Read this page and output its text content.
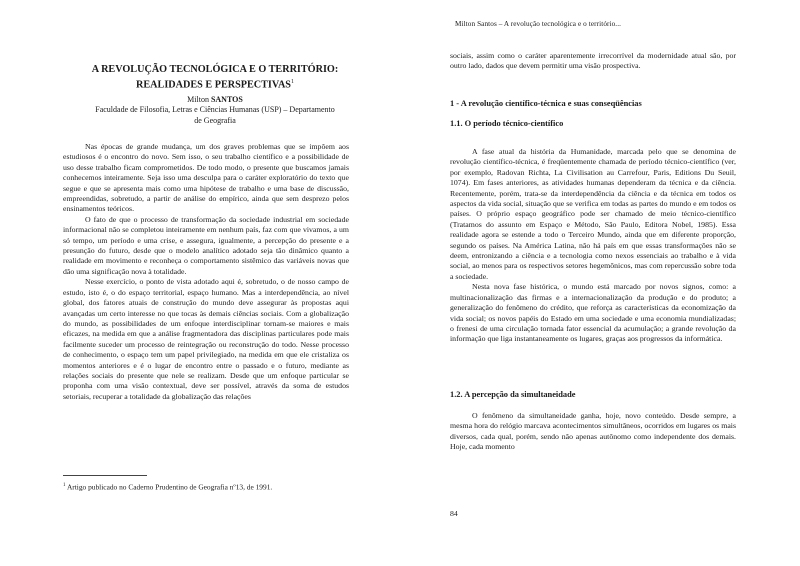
A REVOLUÇÃO TECNOLÓGICA E O TERRITÓRIO:
REALIDADES E PERSPECTIVAS$^1$
Milton SANTOS
Faculdade de Filosofia, Letras e Ciências Humanas (USP) – Departamento
de Geografia

Nas épocas de grande mudança, um dos graves problemas que se impõem aos estudiosos é o encontro do novo. Sem isso, o seu trabalho científico e a possibilidade de uso desse trabalho ficam comprometidos. De todo modo, o presente que buscamos jamais conhecemos inteiramente. Seja isso uma desculpa para o caráter exploratório do texto que segue e que se apresenta mais como uma hipótese de trabalho e uma base de discussão, empreendidas, sobretudo, a partir de análise do empírico, ainda que sem desprezo pelos ensinamentos teóricos.

O fato de que o processo de transformação da sociedade industrial em sociedade informacional não se completou inteiramente em nenhum país, faz com que vivamos, a um só tempo, um período e uma crise, e assegura, igualmente, a percepção do presente e a presunção do futuro, desde que o modelo analítico adotado seja tão dinâmico quanto a realidade em movimento e reconheça o comportamento sistêmico das variáveis novas que dão uma significação nova à totalidade.

Nesse exercício, o ponto de vista adotado aqui é, sobretudo, o de nosso campo de estudo, isto é, o do espaço territorial, espaço humano. Mas a interdependência, ao nível global, dos fatores atuais de construção do mundo deve assegurar às propostas aqui avançadas um certo interesse no que tocas às demais ciências sociais. Com a globalização do mundo, as possibilidades de um enfoque interdisciplinar tornam-se maiores e mais eficazes, na medida em que a análise fragmentadora das disciplinas particulares pode mais facilmente suceder um processo de reintegração ou reconstrução do todo. Nesse processo de conhecimento, o espaço tem um papel privilegiado, na medida em que ele cristaliza os momentos anteriores e é o lugar de encontro entre o passado e o futuro, mediante as relações sociais do presente que nele se realizam. Desde que um enfoque particular se proponha com uma visão contextual, deve ser possível, através da soma de estudos setoriais, recuperar a totalidade da globalização das relações

$^1$ Artigo publicado no Caderno Prudentino de Geografia nº13, de 1991.
Milton Santos – A revolução tecnológica e o território...

sociais, assim como o caráter aparentemente irrecorrível da modernidade atual são, por outro lado, dados que devem permitir uma visão prospectiva.

1 - A revolução científico-técnica e suas conseqüências
1.1. O período técnico-científico

A fase atual da história da Humanidade, marcada pelo que se denomina de revolução científico-técnica, é freqüentemente chamada de período técnico-científico (ver, por exemplo, Radovan Richta, La Civilisation au Carrefour, Paris, Editions Du Seuil, 1074). Em fases anteriores, as atividades humanas dependeram da técnica e da ciência. Recentemente, porém, trata-se da interdependência da ciência e da técnica em todos os aspectos da vida social, situação que se verifica em todas as partes do mundo e em todos os países. O próprio espaço geográfico pode ser chamado de meio técnico-científico (Tratamos do assunto em Espaço e Método, São Paulo, Editora Nobel, 1985). Essa realidade agora se estende a todo o Terceiro Mundo, ainda que em diferente proporção, segundo os países. Na América Latina, não há país em que essas transformações não se deem, entronizando a ciência e a tecnologia como nexos essenciais ao trabalho e à vida social, ao menos para os respectivos setores hegemônicos, mas com repercussão sobre toda a sociedade.

Nesta nova fase histórica, o mundo está marcado por novos signos, como: a multinacionalização das firmas e a internacionalização da produção e do produto; a generalização do fenômeno do crédito, que reforça as características da economização da vida social; os novos papéis do Estado em uma sociedade e uma economia mundializadas; o frenesi de uma circulação tornada fator essencial da acumulação; a grande revolução da informação que liga instantaneamente os lugares, graças aos progressos da informática.

1.2. A percepção da simultaneidade

O fenômeno da simultaneidade ganha, hoje, novo conteúdo. Desde sempre, a mesma hora do relógio marcava acontecimentos simultâneos, ocorridos em lugares os mais diversos, cada qual, porém, sendo não apenas autônomo como independente dos demais. Hoje, cada momento

84
